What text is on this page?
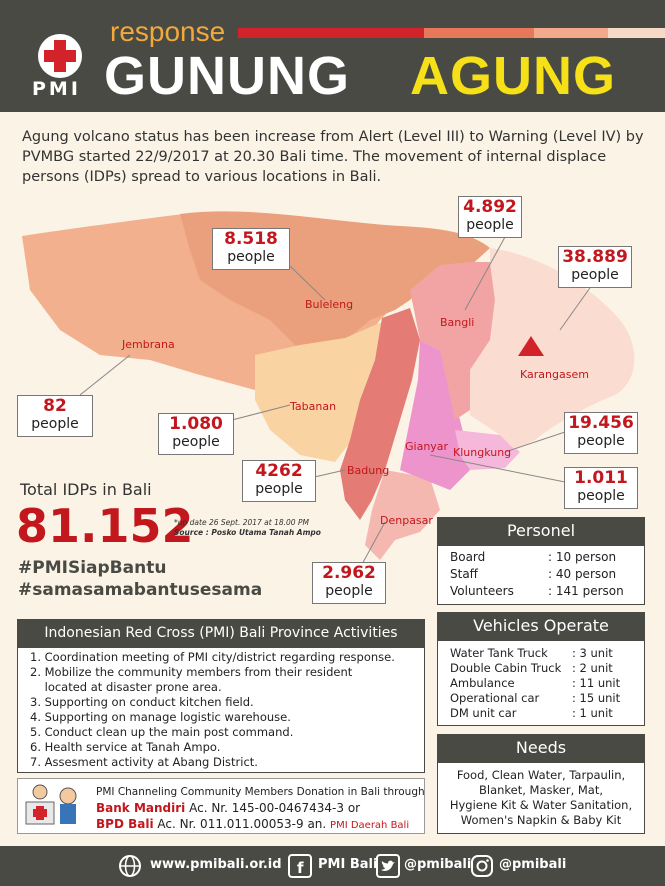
PMI
response
GUNUNG AGUNG
Agung volcano status has been increase from Alert (Level III) to Warning (Level IV) by PVMBG started 22/9/2017 at 20.30 Bali time. The movement of internal displace persons (IDPs) spread to various locations in Bali.
Buleleng
Jembrana
Tabanan
Badung
Denpasar
Gianyar Klungkung
Bangli
Karangasem
8.518
people
4.892
people
38.889
people
82
people	1.080
people
19.456
people
4262
people
1.011
people
2.962
people
Total IDPs in Bali
81.152
*up date 26 Sept. 2017 at 18.00 PM
Source : Posko Utama Tanah Ampo
#PMISiapBantu
#samasamabantusesama
Personel
Board	: 10 person
Staff	: 40 person
Volunteers	: 141 person
Vehicles Operate
Water Tank Truck : 3 unit
Double Cabin Truck : 2 unit
Ambulance	: 11 unit
Operational car	: 15 unit
DM unit car	: 1 unit
Needs
Food, Clean Water, Tarpaulin,
Blanket, Masker, Mat,
Hygiene Kit & Water Sanitation,
Women's Napkin & Baby Kit
Indonesian Red Cross (PMI) Bali Province Activities
1. Coordination meeting of PMI city/district regarding response.
2. Mobilize the community members from their resident
located at disaster prone area.
3. Supporting on conduct kitchen field.
4. Supporting on manage logistic warehouse.
5. Conduct clean up the main post command.
6. Health service at Tanah Ampo.
7. Assesment activity at Abang District.
PMI Channeling Community Members Donation in Bali through
Bank Mandiri Ac. Nr. 145-00-0467434-3 or
BPD Bali Ac. Nr. 011.011.00053-9 an. PMI Daerah Bali
www.pmibali.or.id f PMI Bali @pmibali @pmibali
